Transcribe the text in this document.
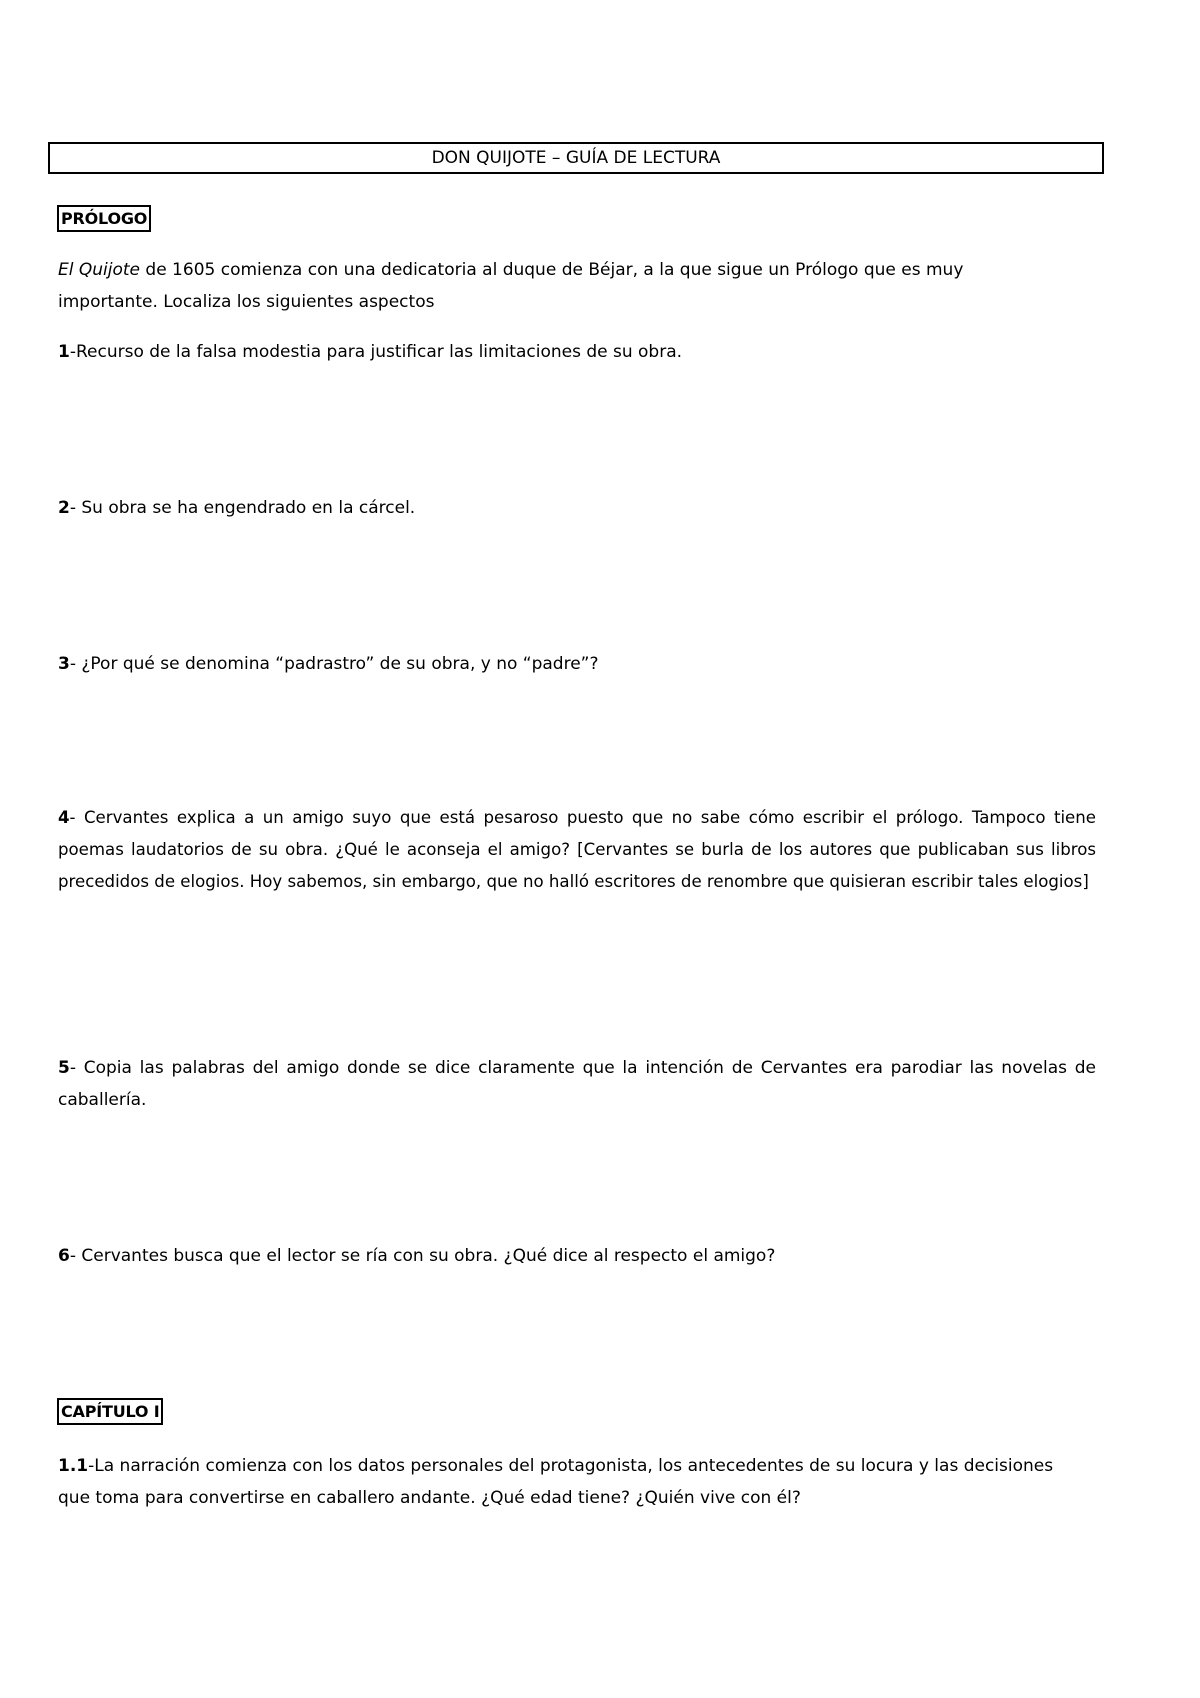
DON QUIJOTE – GUÍA DE LECTURA
PRÓLOGO

El Quijote de 1605 comienza con una dedicatoria al duque de Béjar, a la que sigue un Prólogo que es muy importante. Localiza los siguientes aspectos

1-Recurso de la falsa modestia para justificar las limitaciones de su obra.

2- Su obra se ha engendrado en la cárcel.

3- ¿Por qué se denomina “padrastro” de su obra, y no “padre”?

4- Cervantes explica a un amigo suyo que está pesaroso puesto que no sabe cómo escribir el prólogo. Tampoco tiene poemas laudatorios de su obra. ¿Qué le aconseja el amigo? [Cervantes se burla de los autores que publicaban sus libros precedidos de elogios. Hoy sabemos, sin embargo, que no halló escritores de renombre que quisieran escribir tales elogios]

5- Copia las palabras del amigo donde se dice claramente que la intención de Cervantes era parodiar las novelas de caballería.

6- Cervantes busca que el lector se ría con su obra. ¿Qué dice al respecto el amigo?

CAPÍTULO I

1.1-La narración comienza con los datos personales del protagonista, los antecedentes de su locura y las decisiones que toma para convertirse en caballero andante. ¿Qué edad tiene? ¿Quién vive con él?
